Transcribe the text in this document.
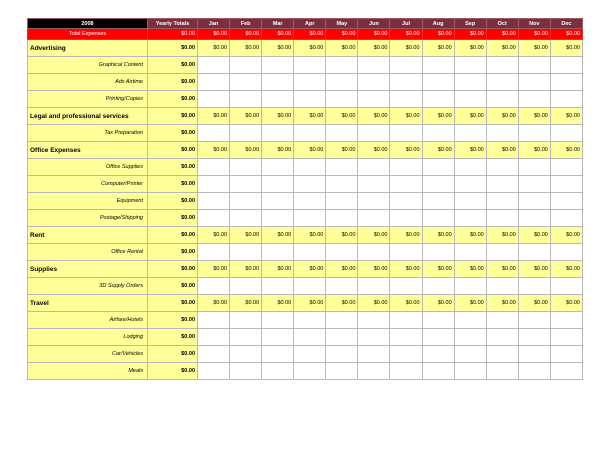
2008	Yearly Totals	Jan	Feb	Mar	Apr	May	Jun	Jul	Aug	Sep	Oct	Nov	Dec
Total Expenses	$0.00	$0.00	$0.00	$0.00	$0.00	$0.00	$0.00	$0.00	$0.00	$0.00	$0.00	$0.00	$0.00
Advertising	$0.00	$0.00	$0.00	$0.00	$0.00	$0.00	$0.00	$0.00	$0.00	$0.00	$0.00	$0.00	$0.00
Graphical Content	$0.00												
Ads Airtime	$0.00												
Printing/Copies	$0.00												
Legal and professional services	$0.00	$0.00	$0.00	$0.00	$0.00	$0.00	$0.00	$0.00	$0.00	$0.00	$0.00	$0.00	$0.00
Tax Preparation	$0.00												
Office Expenses	$0.00	$0.00	$0.00	$0.00	$0.00	$0.00	$0.00	$0.00	$0.00	$0.00	$0.00	$0.00	$0.00
Office Supplies	$0.00												
Computer/Printer	$0.00												
Equipment	$0.00												
Postage/Shipping	$0.00												
Rent	$0.00	$0.00	$0.00	$0.00	$0.00	$0.00	$0.00	$0.00	$0.00	$0.00	$0.00	$0.00	$0.00
Office Rental	$0.00												
Supplies	$0.00	$0.00	$0.00	$0.00	$0.00	$0.00	$0.00	$0.00	$0.00	$0.00	$0.00	$0.00	$0.00
3D Supply Orders	$0.00												
Travel	$0.00	$0.00	$0.00	$0.00	$0.00	$0.00	$0.00	$0.00	$0.00	$0.00	$0.00	$0.00	$0.00
Airfare/Hotels	$0.00												
Lodging	$0.00												
Car/Vehicles	$0.00												
Meals	$0.00												
